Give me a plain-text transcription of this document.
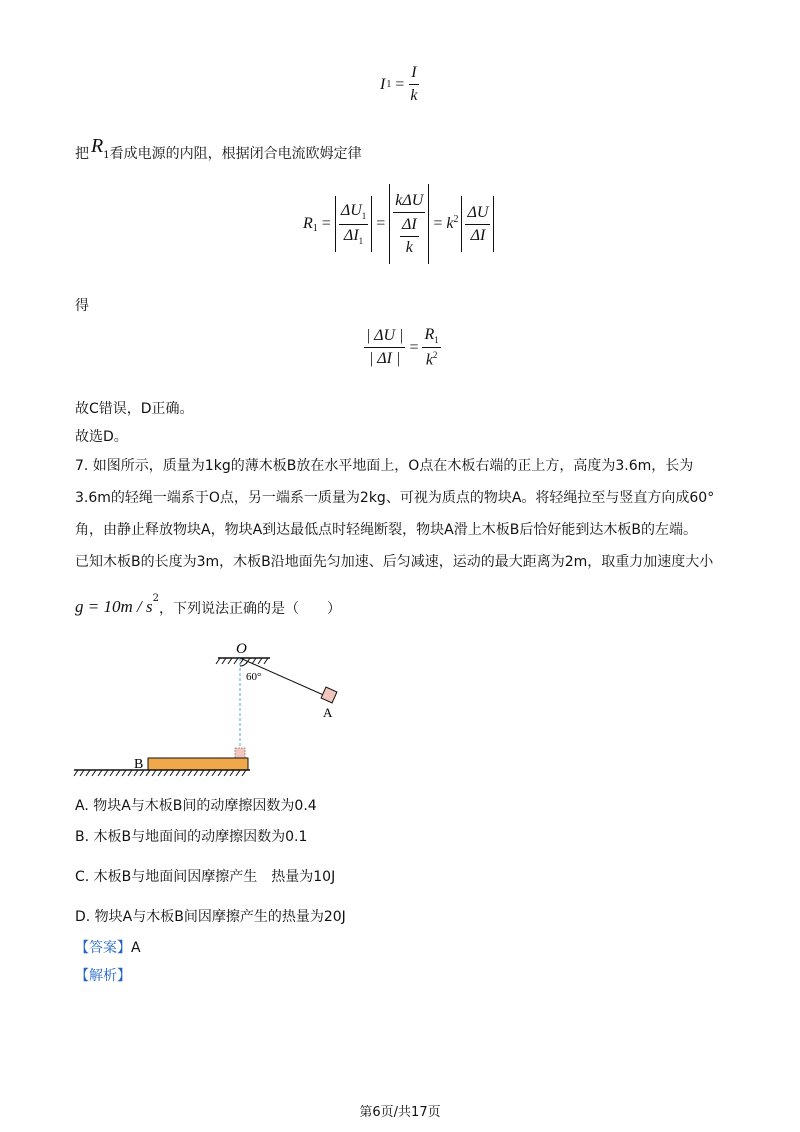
I $1 = \frac{I}{k}$
把 $R_1$ 看成电源的内阻，根据闭合电流欧姆定律
$R_1 = \frac{\Delta U_1}{\Delta I_1} = \frac{\text{kΔU}}{\frac{\Delta I}{k}} = k^2 \frac{\Delta U}{\Delta I}$
得
$\frac{| \Delta U |}{| \Delta I |} = \frac{R_1}{k^2}$
故C错误，D正确。
故选D。
7. 如图所示，质量为1kg的薄木板B放在水平地面上，O点在木板右端的正上方，高度为3.6m，长为
3.6m的轻绳一端系于O点，另一端系一质量为2kg、可视为质点的物块A。将轻绳拉至与竖直方向成60°
角，由静止释放物块A，物块A到达最低点时轻绳断裂，物块A滑上木板B后恰好能到达木板B的左端。
已知木板B的长度为3m，木板B沿地面先匀加速、后匀减速，运动的最大距离为2m，取重力加速度大小
$g = 10m / s^2$
，下列说法正确的是（　　）
O
60°
A
B
A. 物块A与木板B间的动摩擦因数为0.4
B. 木板B与地面间的动摩擦因数为0.1
C. 木板B与地面间因摩擦产生　热量为10J
D. 物块A与木板B间因摩擦产生的热量为20J
【答案】A
【解析】
第6页/共17页
